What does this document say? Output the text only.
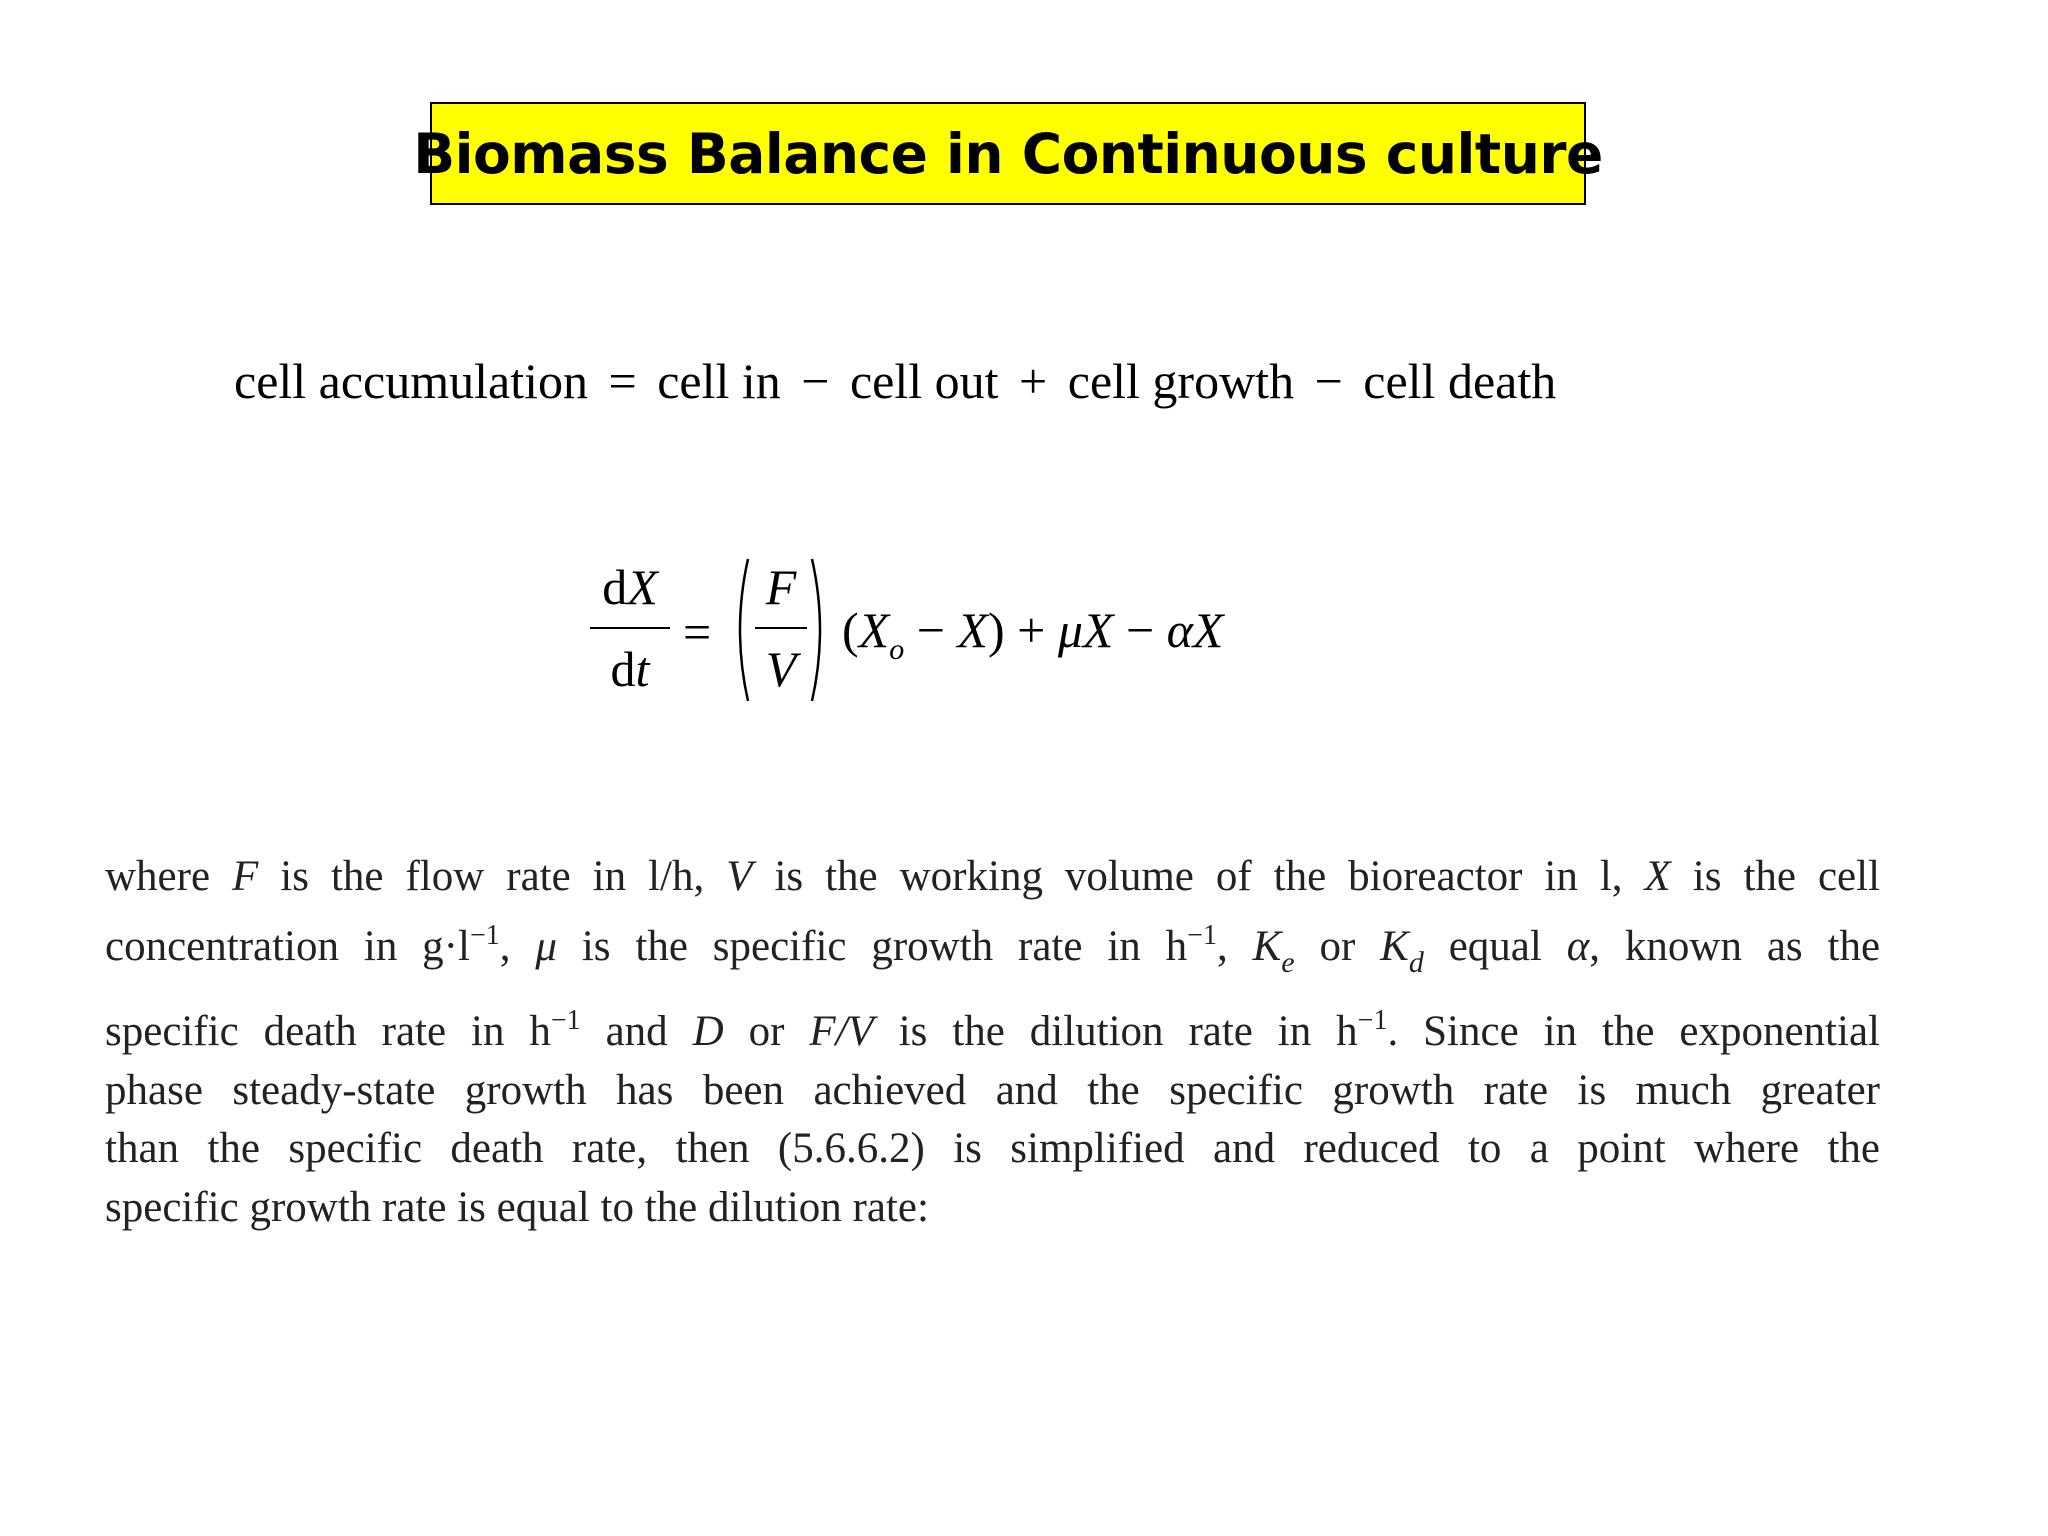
Biomass Balance in Continuous culture
cell accumulation = cell in − cell out + cell growth − cell death
dX
dt
=
F
V
$(X_o - X) + \mu X - \alpha X$
where F is the flow rate in l/h, V is the working volume of the bioreactor in l, X is the cell
concentration in $g\cdot l^{-1}$, μ is the specific growth rate in $h^{-1}$, $K_e$ or $K_d$ equal α, known as the
specific death rate in $h^{-1}$ and D or F/V is the dilution rate in $h^{-1}$. Since in the exponential
phase steady-state growth has been achieved and the specific growth rate is much greater
than the specific death rate, then (5.6.6.2) is simplified and reduced to a point where the
specific growth rate is equal to the dilution rate:
